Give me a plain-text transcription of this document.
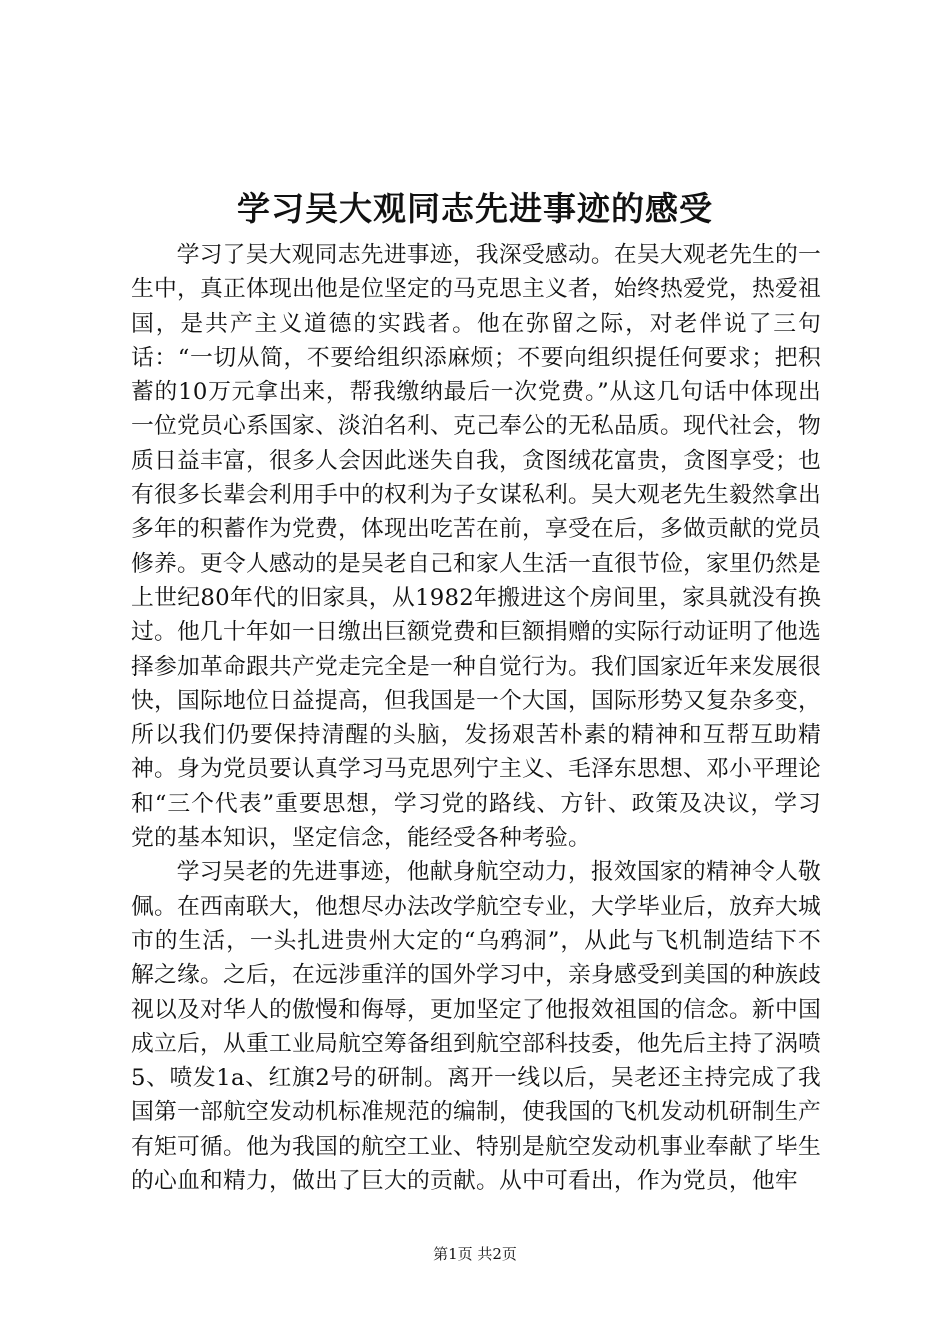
学习吴大观同志先进事迹的感受

学习了吴大观同志先进事迹，我深受感动。在吴大观老先生的一生中，真正体现出他是位坚定的马克思主义者，始终热爱党，热爱祖国，是共产主义道德的实践者。他在弥留之际，对老伴说了三句话：“一切从简，不要给组织添麻烦；不要向组织提任何要求；把积蓄的10万元拿出来，帮我缴纳最后一次党费。”从这几句话中体现出一位党员心系国家、淡泊名利、克己奉公的无私品质。现代社会，物质日益丰富，很多人会因此迷失自我，贪图绒花富贵，贪图享受；也有很多长辈会利用手中的权利为子女谋私利。吴大观老先生毅然拿出多年的积蓄作为党费，体现出吃苦在前，享受在后，多做贡献的党员修养。更令人感动的是吴老自己和家人生活一直很节俭，家里仍然是上世纪80年代的旧家具，从1982年搬进这个房间里，家具就没有换过。他几十年如一日缴出巨额党费和巨额捐赠的实际行动证明了他选择参加革命跟共产党走完全是一种自觉行为。我们国家近年来发展很快，国际地位日益提高，但我国是一个大国，国际形势又复杂多变，所以我们仍要保持清醒的头脑，发扬艰苦朴素的精神和互帮互助精神。身为党员要认真学习马克思列宁主义、毛泽东思想、邓小平理论和“三个代表”重要思想，学习党的路线、方针、政策及决议，学习党的基本知识，坚定信念，能经受各种考验。

学习吴老的先进事迹，他献身航空动力，报效国家的精神令人敬佩。在西南联大，他想尽办法改学航空专业，大学毕业后，放弃大城市的生活，一头扎进贵州大定的“乌鸦洞”，从此与飞机制造结下不解之缘。之后，在远涉重洋的国外学习中，亲身感受到美国的种族歧视以及对华人的傲慢和侮辱，更加坚定了他报效祖国的信念。新中国成立后，从重工业局航空筹备组到航空部科技委，他先后主持了涡喷5、喷发1a、红旗2号的研制。离开一线以后，吴老还主持完成了我国第一部航空发动机标准规范的编制，使我国的飞机发动机研制生产有矩可循。他为我国的航空工业、特别是航空发动机事业奉献了毕生的心血和精力，做出了巨大的贡献。从中可看出，作为党员，他牢

第1页 共2页
